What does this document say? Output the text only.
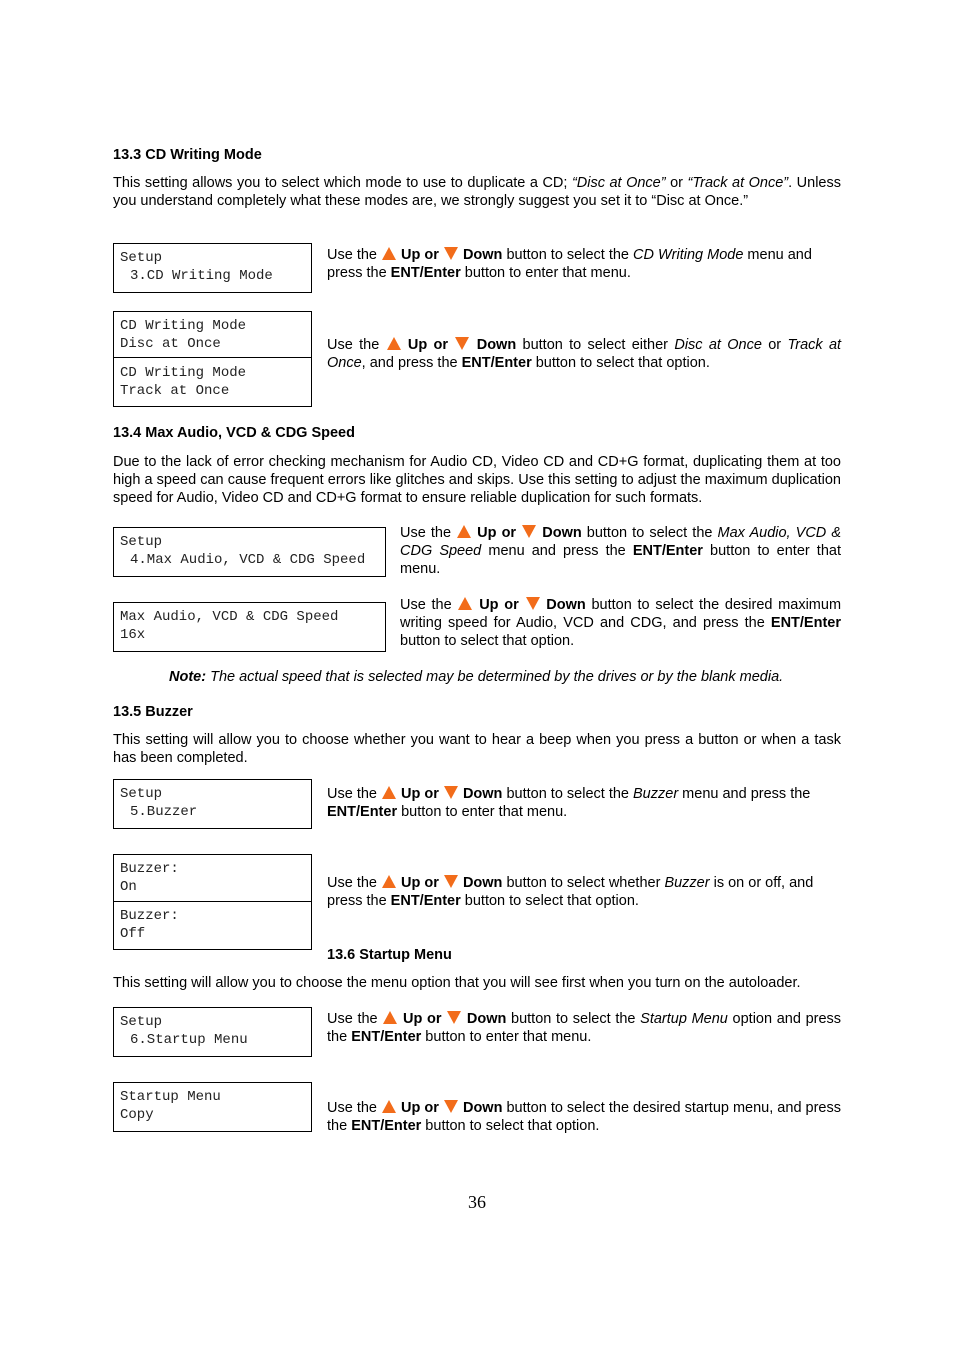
13.3 CD Writing Mode
This setting allows you to select which mode to use to duplicate a CD; “Disc at Once” or “Track at Once”. Unless you understand completely what these modes are, we strongly suggest you set it to “Disc at Once.”
Setup
3.CD Writing Mode
Use the  Up or Down button to select the CD Writing Mode menu and press the ENT/Enter button to enter that menu.
CD Writing Mode
Disc at Once
CD Writing Mode
Track at Once
Use the  Up or Down button to select either Disc at Once or Track at Once, and press the ENT/Enter button to select that option.
13.4 Max Audio, VCD & CDG Speed
Due to the lack of error checking mechanism for Audio CD, Video CD and CD+G format, duplicating them at too high a speed can cause frequent errors like glitches and skips. Use this setting to adjust the maximum duplication speed for Audio, Video CD and CD+G format to ensure reliable duplication for such formats.
Setup
4.Max Audio, VCD & CDG Speed
Use the  Up or Down button to select the Max Audio, VCD & CDG Speed menu and press the ENT/Enter button to enter that menu.
Max Audio, VCD & CDG Speed
16x
Use the  Up or Down button to select the desired maximum writing speed for Audio, VCD and CDG, and press the ENT/Enter button to select that option.
Note: The actual speed that is selected may be determined by the drives or by the blank media.
13.5 Buzzer
This setting will allow you to choose whether you want to hear a beep when you press a button or when a task has been completed.
Setup
5.Buzzer
Use the  Up or Down button to select the Buzzer menu and press the ENT/Enter button to enter that menu.
Buzzer:
On
Buzzer:
Off
Use the  Up or Down button to select whether Buzzer is on or off, and press the ENT/Enter button to select that option.
13.6 Startup Menu
This setting will allow you to choose the menu option that you will see first when you turn on the autoloader.
Setup
6.Startup Menu
Use the  Up or Down button to select the Startup Menu option and press the ENT/Enter button to enter that menu.
Startup Menu
Copy	Use the  Up or Down button to select the desired startup menu, and press the ENT/Enter button to select that option.
36
